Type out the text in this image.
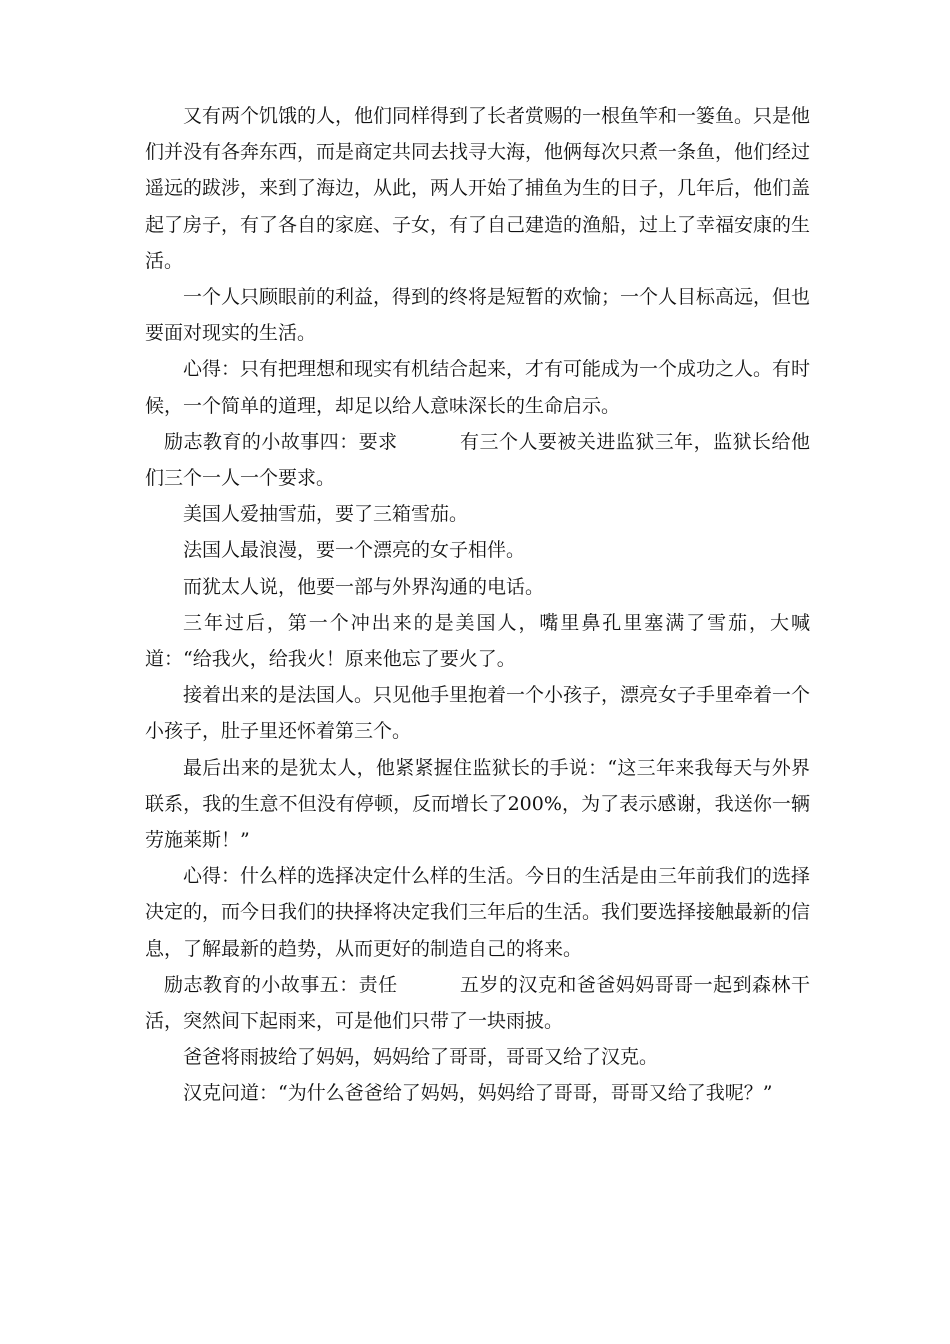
又有两个饥饿的人，他们同样得到了长者赏赐的一根鱼竿和一篓鱼。只是他们并没有各奔东西，而是商定共同去找寻大海，他俩每次只煮一条鱼，他们经过遥远的跋涉，来到了海边，从此，两人开始了捕鱼为生的日子，几年后，他们盖起了房子，有了各自的家庭、子女，有了自己建造的渔船，过上了幸福安康的生活。

一个人只顾眼前的利益，得到的终将是短暂的欢愉；一个人目标高远，但也要面对现实的生活。

心得：只有把理想和现实有机结合起来，才有可能成为一个成功之人。有时候，一个简单的道理，却足以给人意味深长的生命启示。

励志教育的小故事四：要求	有三个人要被关进监狱三年，监狱长给他们三个一人一个要求。

美国人爱抽雪茄，要了三箱雪茄。

法国人最浪漫，要一个漂亮的女子相伴。

而犹太人说，他要一部与外界沟通的电话。

三年过后，第一个冲出来的是美国人，嘴里鼻孔里塞满了雪茄，大喊道：“给我火，给我火！原来他忘了要火了。

接着出来的是法国人。只见他手里抱着一个小孩子，漂亮女子手里牵着一个小孩子，肚子里还怀着第三个。

最后出来的是犹太人，他紧紧握住监狱长的手说：“这三年来我每天与外界联系，我的生意不但没有停顿，反而增长了200%，为了表示感谢，我送你一辆劳施莱斯！”

心得：什么样的选择决定什么样的生活。今日的生活是由三年前我们的选择决定的，而今日我们的抉择将决定我们三年后的生活。我们要选择接触最新的信息，了解最新的趋势，从而更好的制造自己的将来。

励志教育的小故事五：责任	五岁的汉克和爸爸妈妈哥哥一起到森林干活，突然间下起雨来，可是他们只带了一块雨披。

爸爸将雨披给了妈妈，妈妈给了哥哥，哥哥又给了汉克。

汉克问道：“为什么爸爸给了妈妈，妈妈给了哥哥，哥哥又给了我呢？”
